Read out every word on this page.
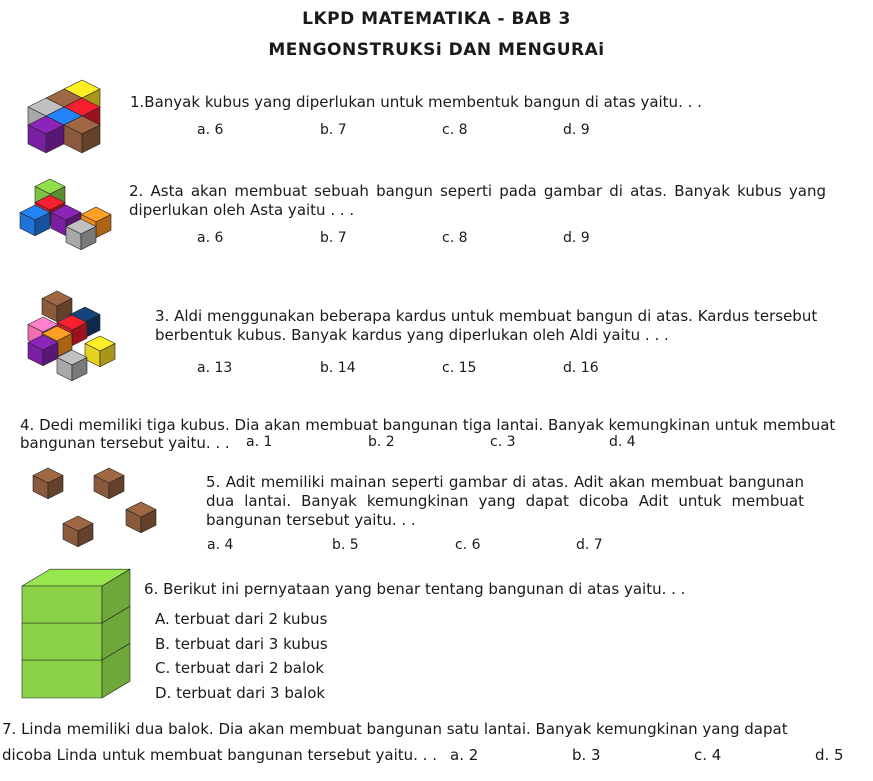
LKPD MATEMATIKA - BAB 3
MENGONSTRUKSi DAN MENGURAi
1.Banyak kubus yang diperlukan untuk membentuk bangun di atas yaitu. . .
a. 6	b. 7	c. 8	d. 9
2. Asta akan membuat sebuah bangun seperti pada gambar di atas. Banyak kubus yang diperlukan oleh Asta yaitu . . .
a. 6	b. 7	c. 8	d. 9
3. Aldi menggunakan beberapa kardus untuk membuat bangun di atas. Kardus tersebut berbentuk kubus. Banyak kardus yang diperlukan oleh Aldi yaitu . . .
a. 13	b. 14	c. 15	d. 16
4. Dedi memiliki tiga kubus. Dia akan membuat bangunan tiga lantai. Banyak kemungkinan untuk membuat
bangunan tersebut yaitu. . . a. 1	b. 2	c. 3	d. 4
5. Adit memiliki mainan seperti gambar di atas. Adit akan membuat bangunan dua lantai. Banyak kemungkinan yang dapat dicoba Adit untuk membuat bangunan tersebut yaitu. . .
a. 4	b. 5	c. 6	d. 7
6. Berikut ini pernyataan yang benar tentang bangunan di atas yaitu. . .
A. terbuat dari 2 kubus
B. terbuat dari 3 kubus
C. terbuat dari 2 balok
D. terbuat dari 3 balok
7. Linda memiliki dua balok. Dia akan membuat bangunan satu lantai. Banyak kemungkinan yang dapat
dicoba Linda untuk membuat bangunan tersebut yaitu. . . a. 2	b. 3	c. 4	d. 5
